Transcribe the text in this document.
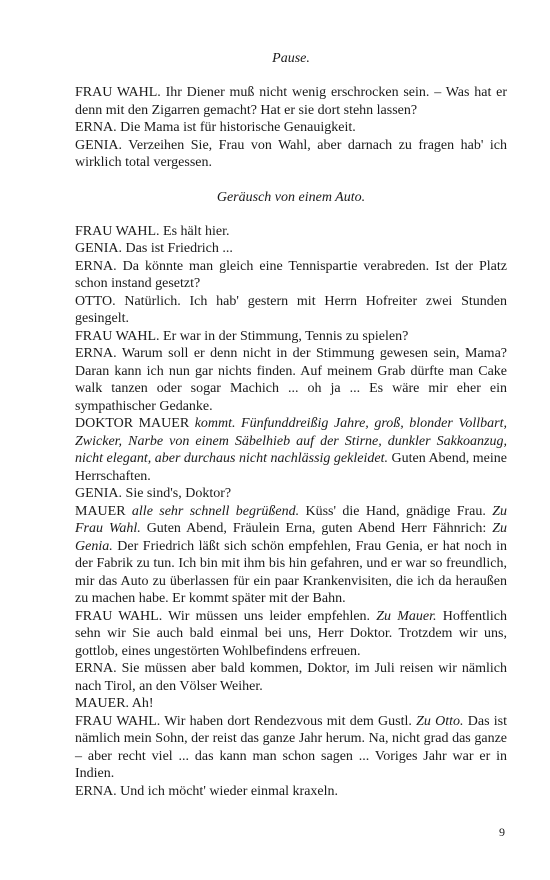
Pause.

FRAU WAHL. Ihr Diener muß nicht wenig erschrocken sein. – Was hat er denn mit den Zigarren gemacht? Hat er sie dort stehn lassen?

ERNA. Die Mama ist für historische Genauigkeit.

GENIA. Verzeihen Sie, Frau von Wahl, aber darnach zu fragen hab' ich wirklich total vergessen.

Geräusch von einem Auto.

FRAU WAHL. Es hält hier.

GENIA. Das ist Friedrich ...

ERNA. Da könnte man gleich eine Tennispartie verabreden. Ist der Platz schon instand gesetzt?

OTTO. Natürlich. Ich hab' gestern mit Herrn Hofreiter zwei Stunden gesingelt.

FRAU WAHL. Er war in der Stimmung, Tennis zu spielen?

ERNA. Warum soll er denn nicht in der Stimmung gewesen sein, Mama? Daran kann ich nun gar nichts finden. Auf meinem Grab dürfte man Cake walk tanzen oder sogar Machich ... oh ja ... Es wäre mir eher ein sympathischer Gedanke.

DOKTOR MAUER kommt. Fünfunddreißig Jahre, groß, blonder Vollbart, Zwicker, Narbe von einem Säbelhieb auf der Stirne, dunkler Sakkoanzug, nicht elegant, aber durchaus nicht nachlässig gekleidet. Guten Abend, meine Herrschaften.

GENIA. Sie sind's, Doktor?

MAUER alle sehr schnell begrüßend. Küss' die Hand, gnädige Frau. Zu Frau Wahl. Guten Abend, Fräulein Erna, guten Abend Herr Fähnrich: Zu Genia. Der Friedrich läßt sich schön empfehlen, Frau Genia, er hat noch in der Fabrik zu tun. Ich bin mit ihm bis hin gefahren, und er war so freundlich, mir das Auto zu überlassen für ein paar Krankenvisiten, die ich da heraußen zu machen habe. Er kommt später mit der Bahn.

FRAU WAHL. Wir müssen uns leider empfehlen. Zu Mauer. Hoffentlich sehn wir Sie auch bald einmal bei uns, Herr Doktor. Trotzdem wir uns, gottlob, eines ungestörten Wohlbefindens erfreuen.

ERNA. Sie müssen aber bald kommen, Doktor, im Juli reisen wir nämlich nach Tirol, an den Völser Weiher.

MAUER. Ah!

FRAU WAHL. Wir haben dort Rendezvous mit dem Gustl. Zu Otto. Das ist nämlich mein Sohn, der reist das ganze Jahr herum. Na, nicht grad das ganze – aber recht viel ... das kann man schon sagen ... Voriges Jahr war er in Indien.

ERNA. Und ich möcht' wieder einmal kraxeln.

9
